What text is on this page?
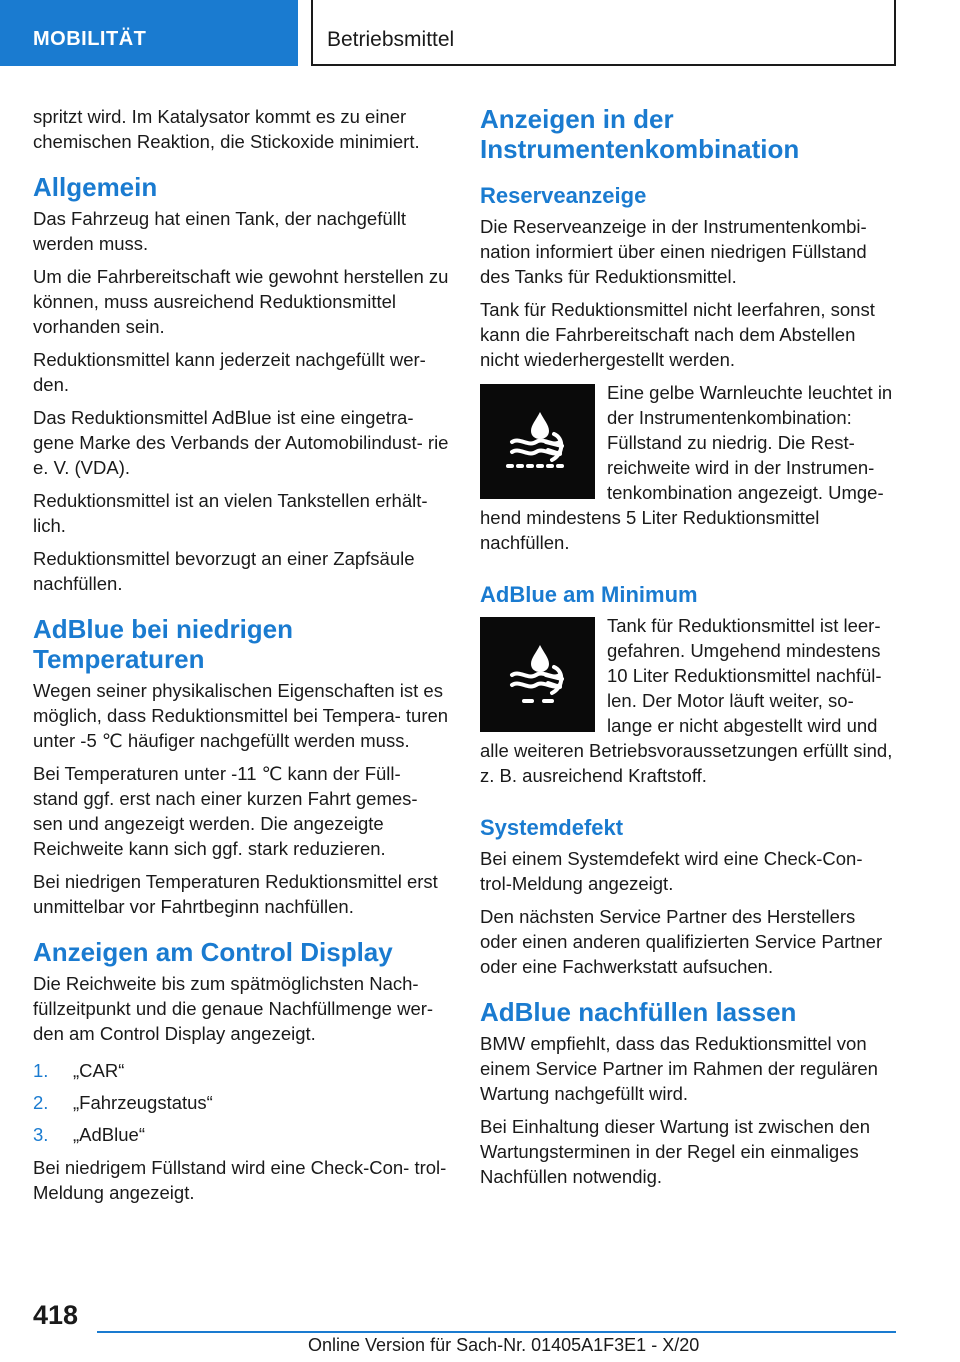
MOBILITÄT	Betriebsmittel

spritzt wird. Im Katalysator kommt es zu einer chemischen Reaktion, die Stickoxide minimiert.

Allgemein

Das Fahrzeug hat einen Tank, der nachgefüllt werden muss.

Um die Fahrbereitschaft wie gewohnt herstellen zu können, muss ausreichend Reduktionsmittel vorhanden sein.

Reduktionsmittel kann jederzeit nachgefüllt wer‐ den.

Das Reduktionsmittel AdBlue ist eine eingetra‐ gene Marke des Verbands der Automobilindust‐ rie e. V. (VDA).

Reduktionsmittel ist an vielen Tankstellen erhält‐ lich.

Reduktionsmittel bevorzugt an einer Zapfsäule nachfüllen.

AdBlue bei niedrigen Temperaturen

Wegen seiner physikalischen Eigenschaften ist es möglich, dass Reduktionsmittel bei Tempera‐ turen unter -5 ℃ häufiger nachgefüllt werden muss.

Bei Temperaturen unter -11 ℃ kann der Füll‐ stand ggf. erst nach einer kurzen Fahrt gemes‐ sen und angezeigt werden. Die angezeigte Reichweite kann sich ggf. stark reduzieren.

Bei niedrigen Temperaturen Reduktionsmittel erst unmittelbar vor Fahrtbeginn nachfüllen.

Anzeigen am Control Display

Die Reichweite bis zum spätmöglichsten Nach‐ füllzeitpunkt und die genaue Nachfüllmenge wer‐ den am Control Display angezeigt.

1.	„CAR“
2.	„Fahrzeugstatus“
3.	„AdBlue“

Bei niedrigem Füllstand wird eine Check-Con‐ trol-Meldung angezeigt.

Anzeigen in der Instrumentenkombination
Reserveanzeige

Die Reserveanzeige in der Instrumentenkombi‐ nation informiert über einen niedrigen Füllstand des Tanks für Reduktionsmittel.

Tank für Reduktionsmittel nicht leerfahren, sonst kann die Fahrbereitschaft nach dem Abstellen nicht wiederhergestellt werden.

Eine gelbe Warnleuchte leuchtet in der Instrumentenkombination: Füllstand zu niedrig. Die Rest‐ reichweite wird in der Instrumen‐ tenkombination angezeigt. Umge‐ hend mindestens 5 Liter Reduktionsmittel nachfüllen.

AdBlue am Minimum

Tank für Reduktionsmittel ist leer‐ gefahren. Umgehend mindestens 10 Liter Reduktionsmittel nachfül‐ len. Der Motor läuft weiter, so‐ lange er nicht abgestellt wird und alle weiteren Betriebsvoraussetzungen erfüllt sind, z. B. ausreichend Kraftstoff.

Systemdefekt

Bei einem Systemdefekt wird eine Check-Con‐ trol-Meldung angezeigt.

Den nächsten Service Partner des Herstellers oder einen anderen qualifizierten Service Partner oder eine Fachwerkstatt aufsuchen.

AdBlue nachfüllen lassen

BMW empfiehlt, dass das Reduktionsmittel von einem Service Partner im Rahmen der regulären Wartung nachgefüllt wird.

Bei Einhaltung dieser Wartung ist zwischen den Wartungsterminen in der Regel ein einmaliges Nachfüllen notwendig.

418
Online Version für Sach-Nr. 01405A1F3E1 - X/20
